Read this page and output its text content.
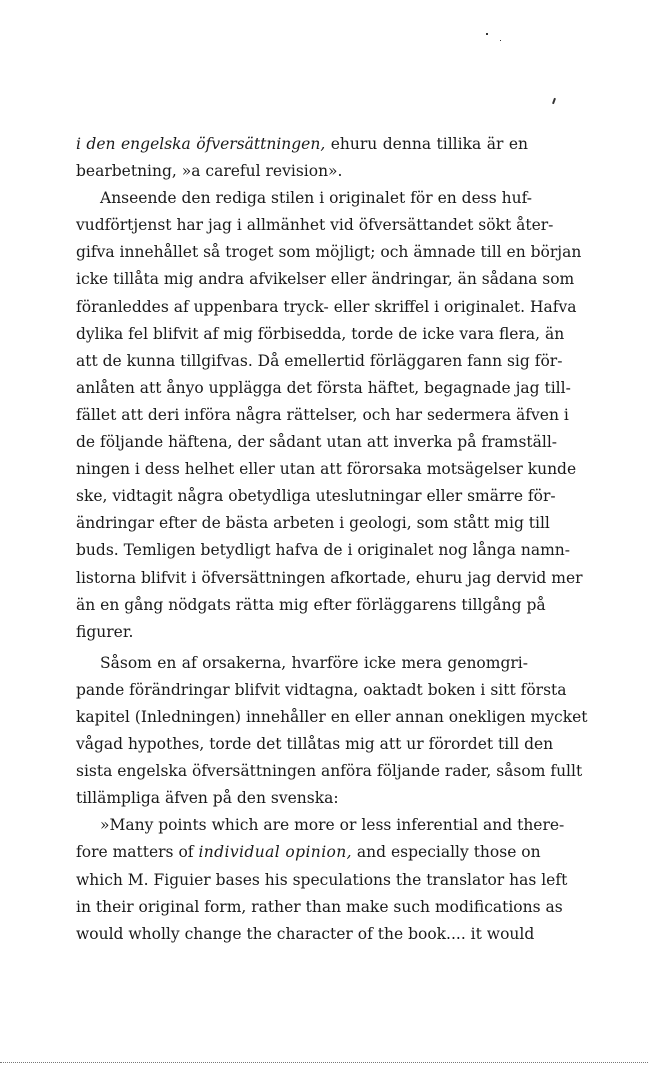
i den engelska öfversättningen, ehuru denna tillika är en
bearbetning, »a careful revision».
Anseende den rediga stilen i originalet för en dess huf-
vudförtjenst har jag i allmänhet vid öfversättandet sökt åter-
gifva innehållet så troget som möjligt; och ämnade till en början
icke tillåta mig andra afvikelser eller ändringar, än sådana som
föranleddes af uppenbara tryck- eller skriffel i originalet. Hafva
dylika fel blifvit af mig förbisedda, torde de icke vara flera, än
att de kunna tillgifvas. Då emellertid förläggaren fann sig för-
anlåten att ånyo upplägga det första häftet, begagnade jag till-
fället att deri införa några rättelser, och har sedermera äfven i
de följande häftena, der sådant utan att inverka på framställ-
ningen i dess helhet eller utan att förorsaka motsägelser kunde
ske, vidtagit några obetydliga uteslutningar eller smärre för-
ändringar efter de bästa arbeten i geologi, som stått mig till
buds. Temligen betydligt hafva de i originalet nog långa namn-
listorna blifvit i öfversättningen afkortade, ehuru jag dervid mer
än en gång nödgats rätta mig efter förläggarens tillgång på
figurer.
Såsom en af orsakerna, hvarföre icke mera genomgri-
pande förändringar blifvit vidtagna, oaktadt boken i sitt första
kapitel (Inledningen) innehåller en eller annan onekligen mycket
vågad hypothes, torde det tillåtas mig att ur förordet till den
sista engelska öfversättningen anföra följande rader, såsom fullt
tillämpliga äfven på den svenska:
»Many points which are more or less inferential and there-
fore matters of individual opinion, and especially those on
which M. Figuier bases his speculations the translator has left
in their original form, rather than make such modifications as
would wholly change the character of the book.... it would
